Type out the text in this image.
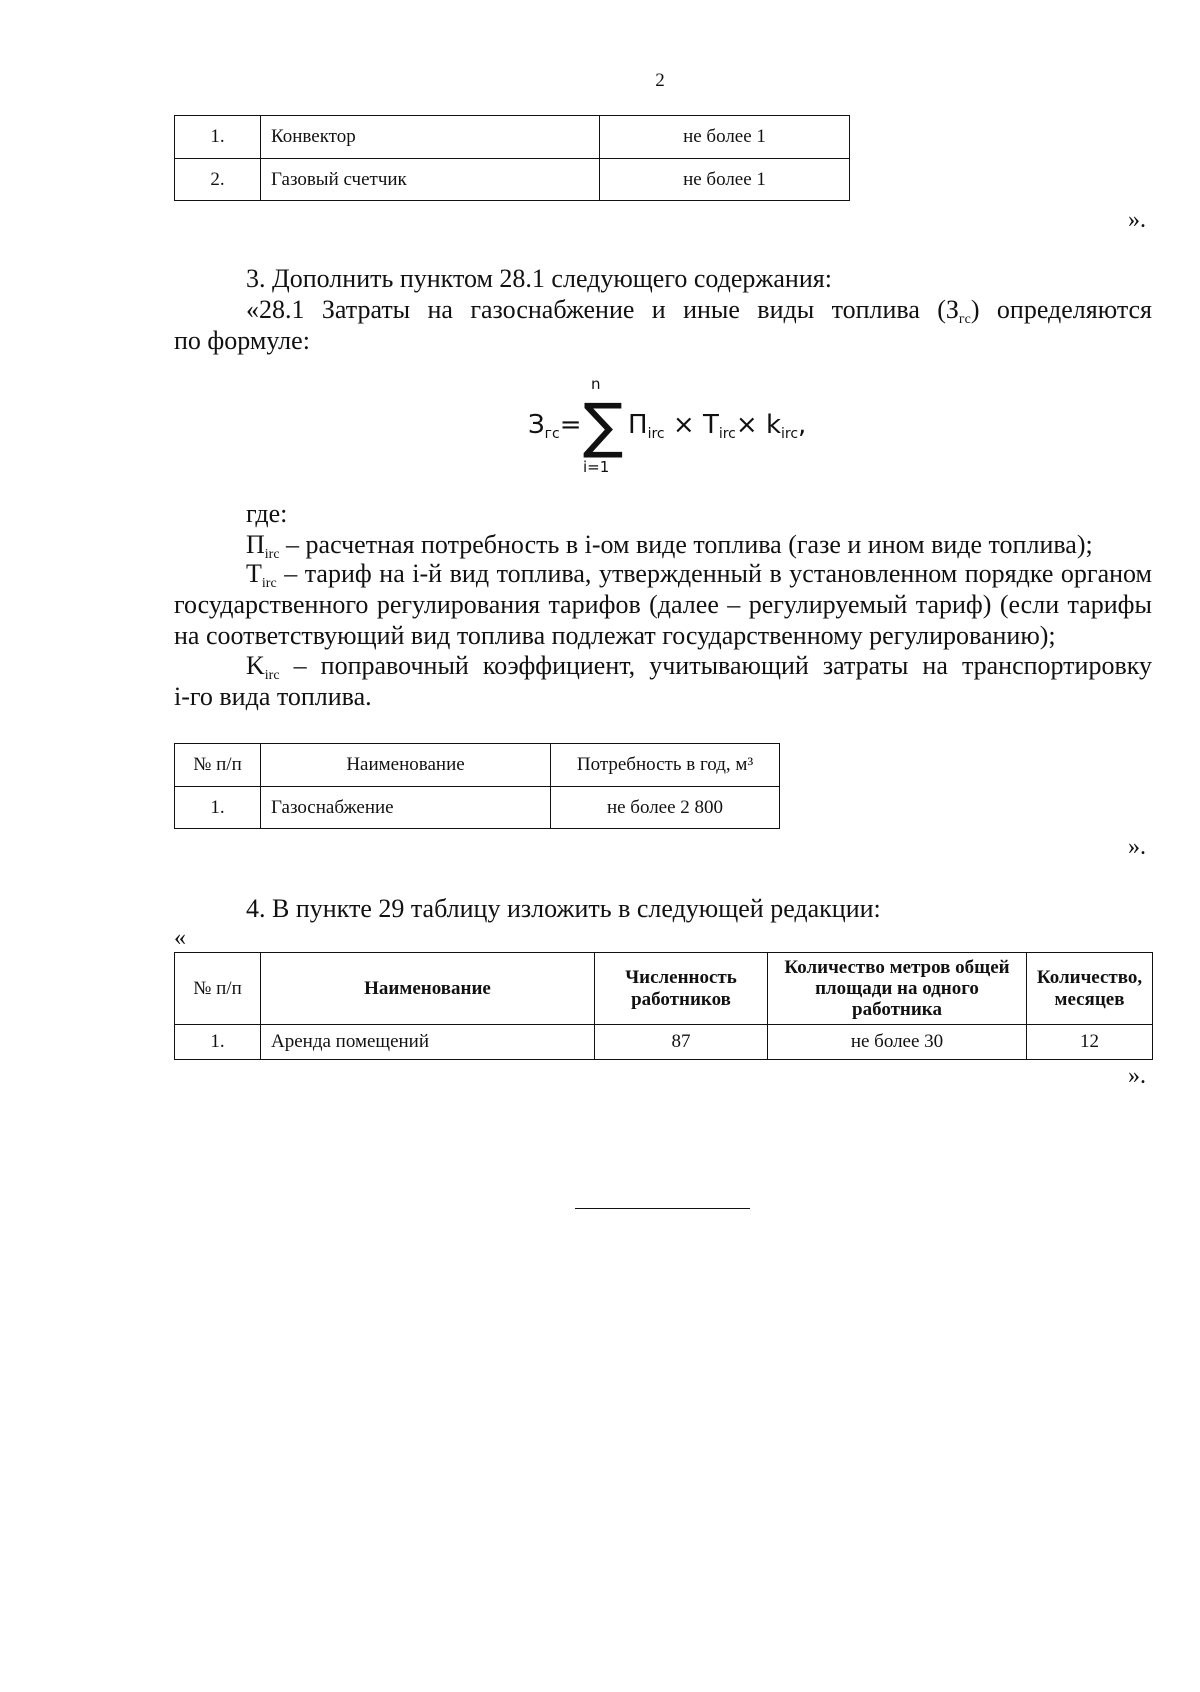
2
1.	Конвектор	не более 1
2.	Газовый счетчик	не более 1
».
3. Дополнить пунктом 28.1 следующего содержания:
«28.1 Затраты на газоснабжение и иные виды топлива (Згс) определяются
по формуле:
Згс=
n
∑
i=1
Пirc × Tirc× kirc,
где:
Пirc – расчетная потребность в i-ом виде топлива (газе и ином виде топлива);
Tirc – тариф на i-й вид топлива, утвержденный в установленном порядке органом
государственного регулирования тарифов (далее – регулируемый тариф) (если тарифы
на соответствующий вид топлива подлежат государственному регулированию);
Kirc – поправочный коэффициент, учитывающий затраты на транспортировку
i-го вида топлива.
№ п/п	Наименование	Потребность в год, м³
1.	Газоснабжение	не более 2 800
».
4. В пункте 29 таблицу изложить в следующей редакции:
«
№ п/п	Наименование	Численность работников	Количество метров общей площади на одного работника	Количество, месяцев
1.	Аренда помещений	87	не более 30	12
».
